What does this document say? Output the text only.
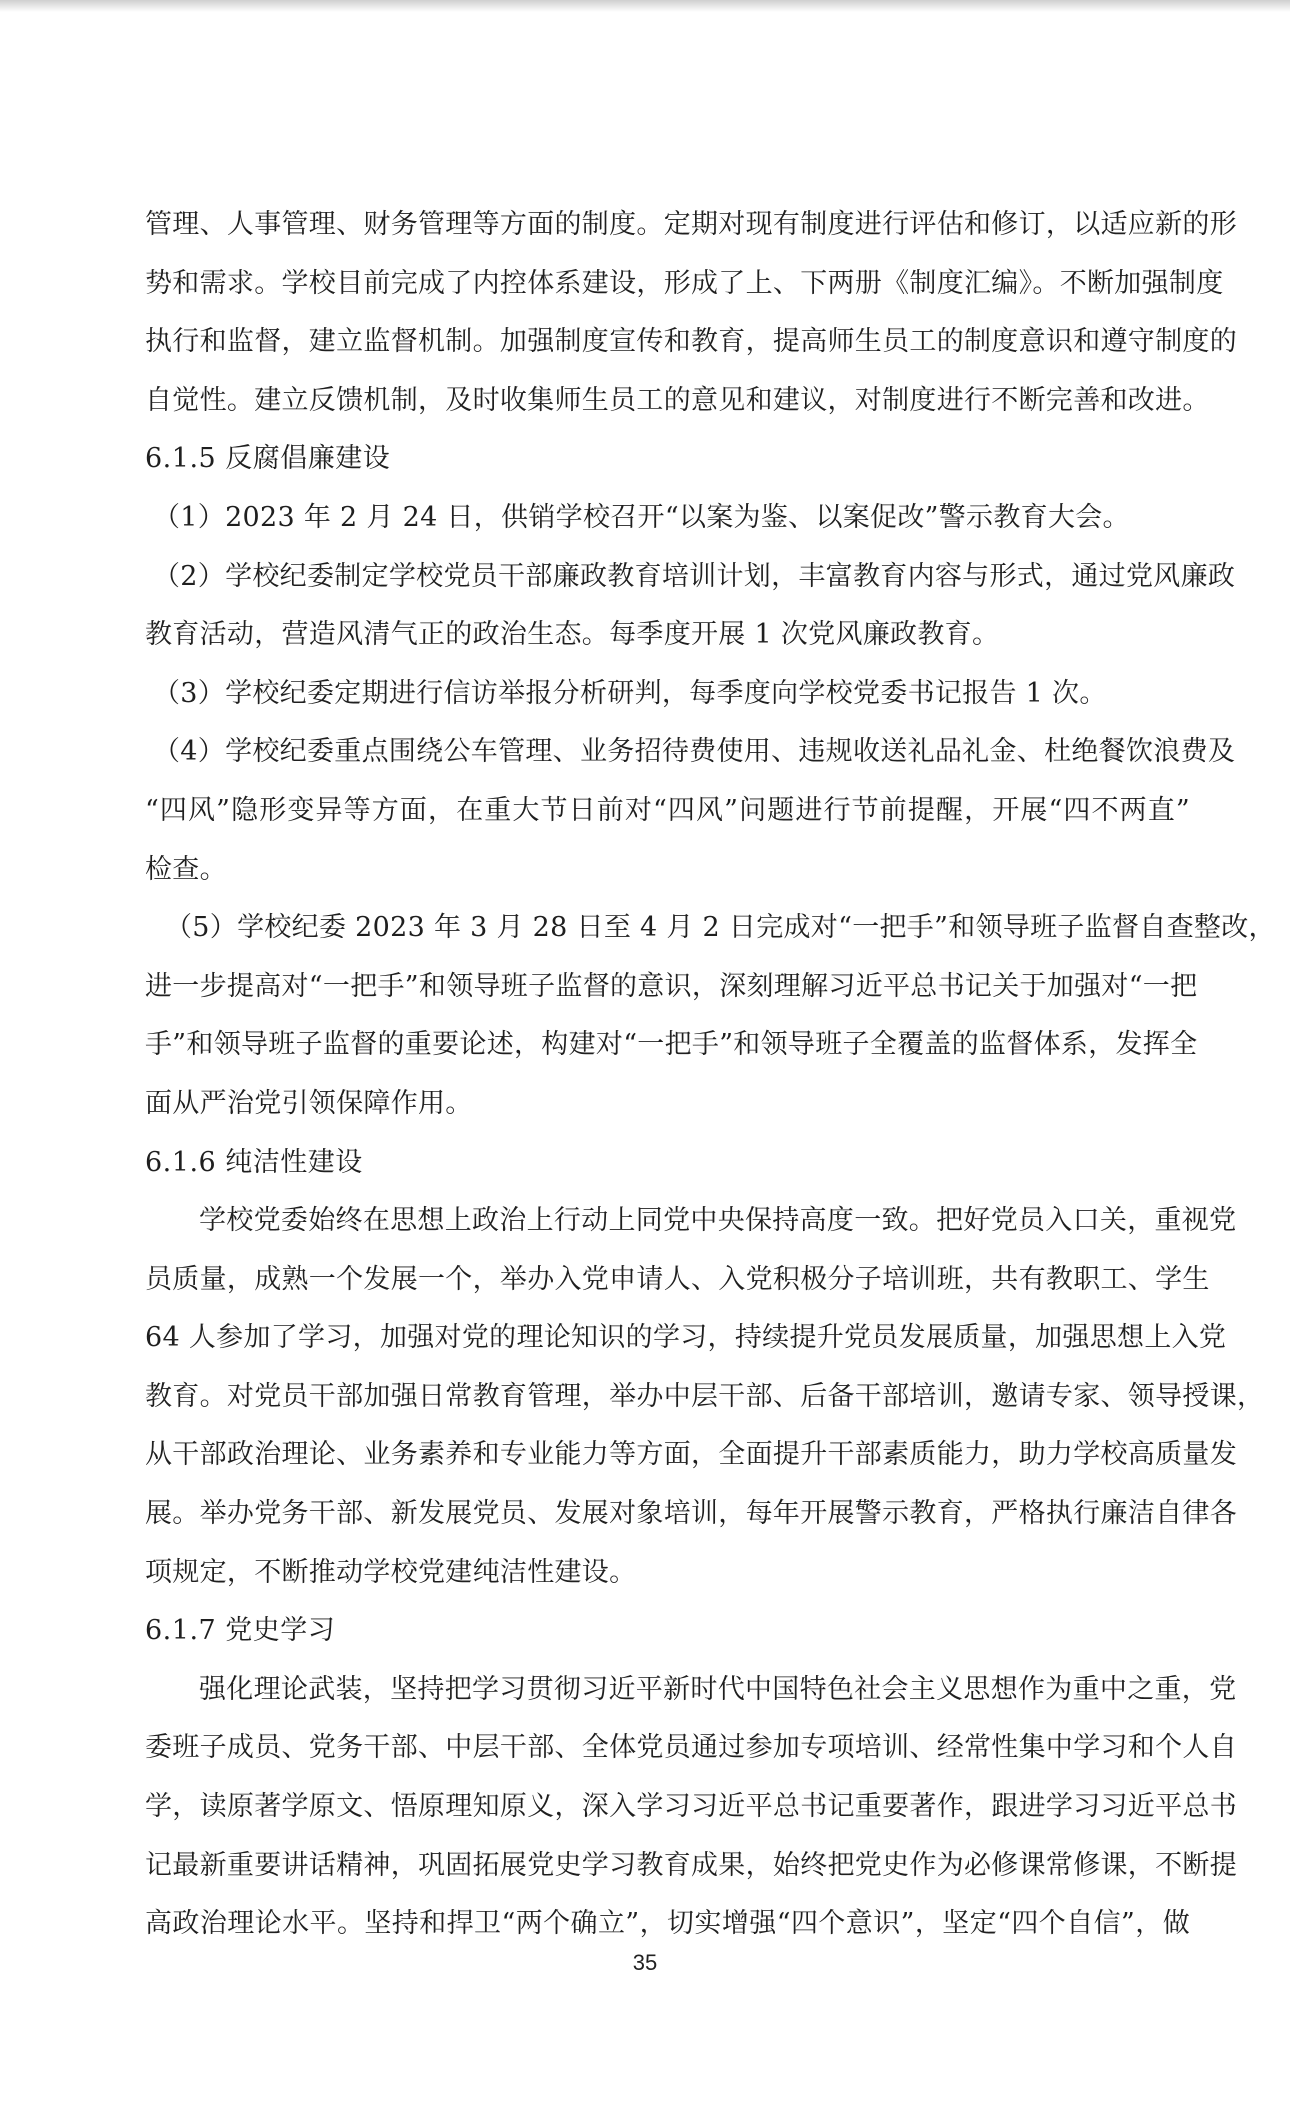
管理、人事管理、财务管理等方面的制度。定期对现有制度进行评估和修订，以适应新的形
势和需求。学校目前完成了内控体系建设，形成了上、下两册《制度汇编》。不断加强制度
执行和监督，建立监督机制。加强制度宣传和教育，提高师生员工的制度意识和遵守制度的
自觉性。建立反馈机制，及时收集师生员工的意见和建议，对制度进行不断完善和改进。
6.1.5 反腐倡廉建设
（1）2023 年 2 月 24 日，供销学校召开“以案为鉴、以案促改”警示教育大会。
（2）学校纪委制定学校党员干部廉政教育培训计划，丰富教育内容与形式，通过党风廉政
教育活动，营造风清气正的政治生态。每季度开展 1 次党风廉政教育。
（3）学校纪委定期进行信访举报分析研判，每季度向学校党委书记报告 1 次。
（4）学校纪委重点围绕公车管理、业务招待费使用、违规收送礼品礼金、杜绝餐饮浪费及
“四风”隐形变异等方面，在重大节日前对“四风”问题进行节前提醒，开展“四不两直”
检查。
（5）学校纪委 2023 年 3 月 28 日至 4 月 2 日完成对“一把手”和领导班子监督自查整改，
进一步提高对“一把手”和领导班子监督的意识，深刻理解习近平总书记关于加强对“一把
手”和领导班子监督的重要论述，构建对“一把手”和领导班子全覆盖的监督体系，发挥全
面从严治党引领保障作用。
6.1.6 纯洁性建设
学校党委始终在思想上政治上行动上同党中央保持高度一致。把好党员入口关，重视党
员质量，成熟一个发展一个，举办入党申请人、入党积极分子培训班，共有教职工、学生
64 人参加了学习，加强对党的理论知识的学习，持续提升党员发展质量，加强思想上入党
教育。对党员干部加强日常教育管理，举办中层干部、后备干部培训，邀请专家、领导授课，
从干部政治理论、业务素养和专业能力等方面，全面提升干部素质能力，助力学校高质量发
展。举办党务干部、新发展党员、发展对象培训，每年开展警示教育，严格执行廉洁自律各
项规定，不断推动学校党建纯洁性建设。
6.1.7 党史学习
强化理论武装，坚持把学习贯彻习近平新时代中国特色社会主义思想作为重中之重，党
委班子成员、党务干部、中层干部、全体党员通过参加专项培训、经常性集中学习和个人自
学，读原著学原文、悟原理知原义，深入学习习近平总书记重要著作，跟进学习习近平总书
记最新重要讲话精神，巩固拓展党史学习教育成果，始终把党史作为必修课常修课，不断提
高政治理论水平。坚持和捍卫“两个确立”，切实增强“四个意识”，坚定“四个自信”，做
35
